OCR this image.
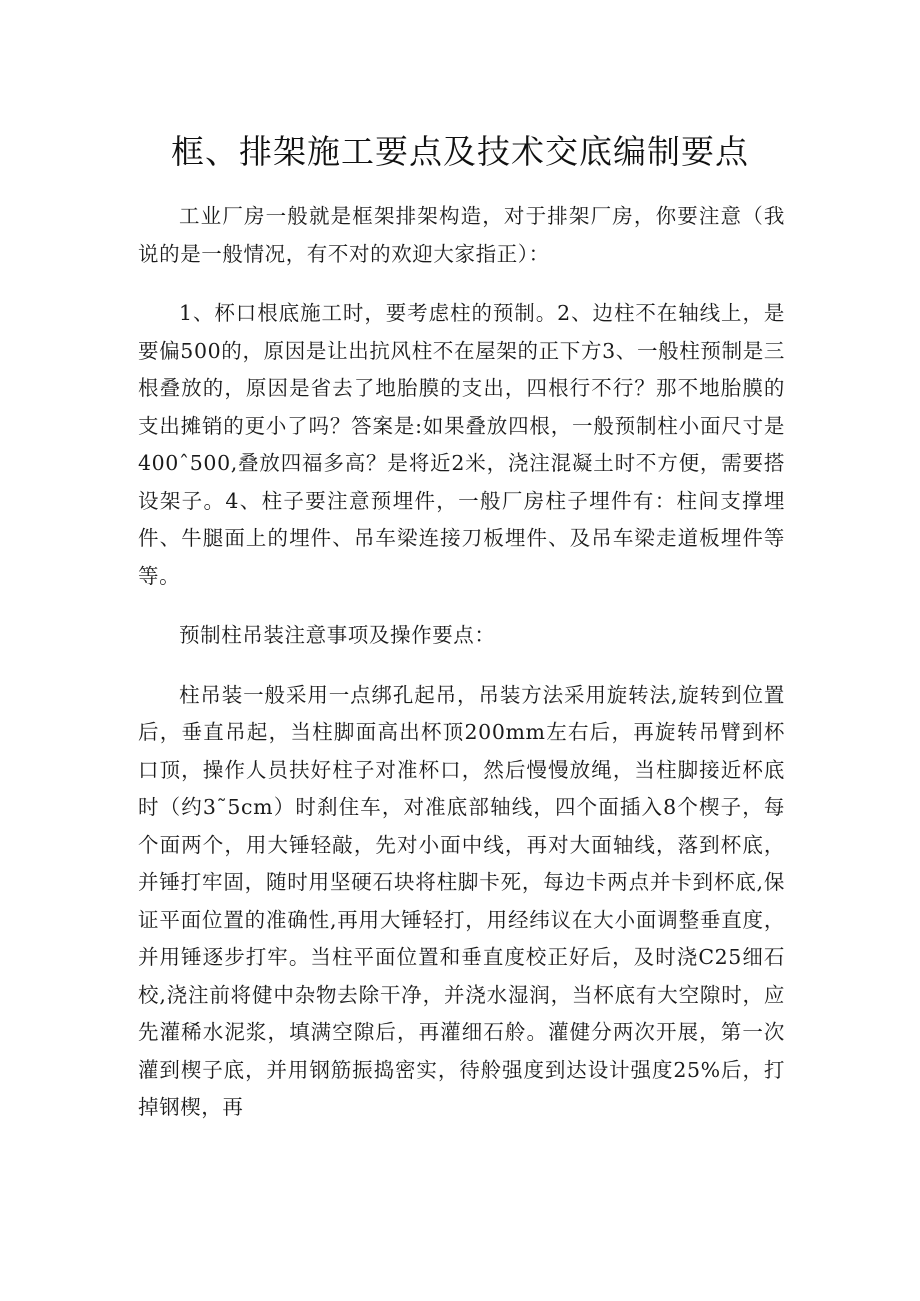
框、排架施工要点及技术交底编制要点

工业厂房一般就是框架排架构造，对于排架厂房，你要注意（我说的是一般情况，有不对的欢迎大家指正）：

1、杯口根底施工时，要考虑柱的预制。2、边柱不在轴线上，是要偏500的，原因是让出抗风柱不在屋架的正下方3、一般柱预制是三根叠放的，原因是省去了地胎膜的支出，四根行不行？那不地胎膜的支出摊销的更小了吗？答案是:如果叠放四根，一般预制柱小面尺寸是400ˆ500,叠放四福多高？是将近2米，浇注混凝土时不方便，需要搭设架子。4、柱子要注意预埋件，一般厂房柱子埋件有：柱间支撑埋件、牛腿面上的埋件、吊车梁连接刀板埋件、及吊车梁走道板埋件等等。

预制柱吊装注意事项及操作要点：

柱吊装一般采用一点绑孔起吊，吊装方法采用旋转法,旋转到位置后，垂直吊起，当柱脚面高出杯顶200mm左右后，再旋转吊臂到杯口顶，操作人员扶好柱子对准杯口，然后慢慢放绳，当柱脚接近杯底时（约3˜5cm）时刹住车，对准底部轴线，四个面插入8个楔子，每个面两个，用大锤轻敲，先对小面中线，再对大面轴线，落到杯底，并锤打牢固，随时用坚硬石块将柱脚卡死，每边卡两点并卡到杯底,保证平面位置的准确性,再用大锤轻打，用经纬议在大小面调整垂直度，并用锤逐步打牢。当柱平面位置和垂直度校正好后，及时浇C25细石校,浇注前将健中杂物去除干净，并浇水湿润，当杯底有大空隙时，应先灌稀水泥浆，填满空隙后，再灌细石舲。灌健分两次开展，第一次灌到楔子底，并用钢筋振捣密实，待舲强度到达设计强度25%后，打掉钢楔，再
